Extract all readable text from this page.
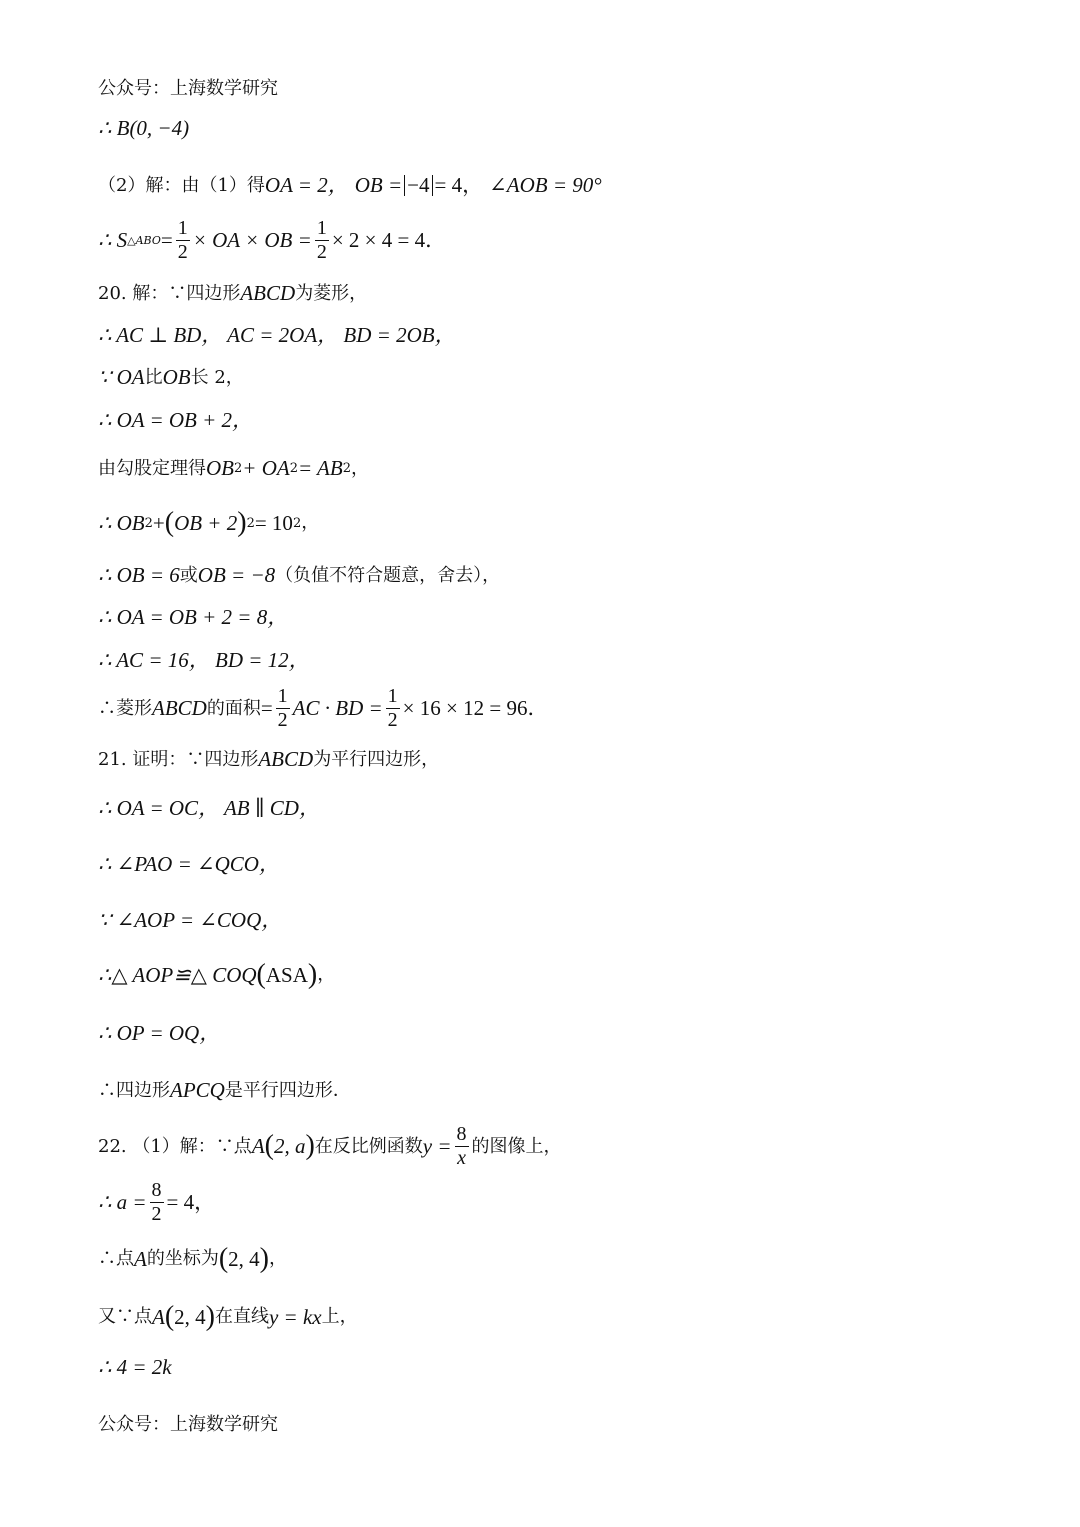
公众号：上海数学研究
∴ B(0, −4)
（2）解：由（1）得 OA = 2，
OB = −4 = 4，
∠AOB = 90°
∴ S △ABO = $\frac{1}{2}$ × OA × OB = $\frac{1}{2} \times 2 \times 4 = 4$．
20. 解：∵四边形 ABCD 为菱形，
∴ AC ⊥ BD， AC = 2OA， BD = 2OB，
∵ OA 比 OB 长 2，
∴ OA = OB + 2，
由勾股定理得 OB 2 + OA 2 = AB 2 ，
∴ OB 2 + ( OB + 2 ) 2 = 10 2 ，
∴ OB = 6 或 OB = −8 （负值不符合题意，舍去），
∴ OA = OB + 2 = 8，
∴ AC = 16， BD = 12，
∴菱形 ABCD 的面积 = $\frac{1}{2}$ AC · BD = $\frac{1}{2} \times 16 \times 12 = 96$．
21. 证明：∵四边形 ABCD 为平行四边形，
∴ OA = OC， AB ∥ CD，
∴ ∠PAO = ∠QCO，
∵ ∠AOP = ∠COQ，
∴△ AOP≌△ COQ ( ASA ) ，
∴ OP = OQ，
∴四边形 APCQ 是平行四边形．
22. （1）解：∵点 A ( 2, a ) 在反比例函数 $y = \frac{8}{x}$ 的图像上，
∴ $a = \frac{8}{2} = 4$，
∴点 A 的坐标为 ( 2, 4 ) ，
又∵点 A ( 2, 4 ) 在直线 y = kx 上，
∴ 4 = 2k
公众号：上海数学研究
